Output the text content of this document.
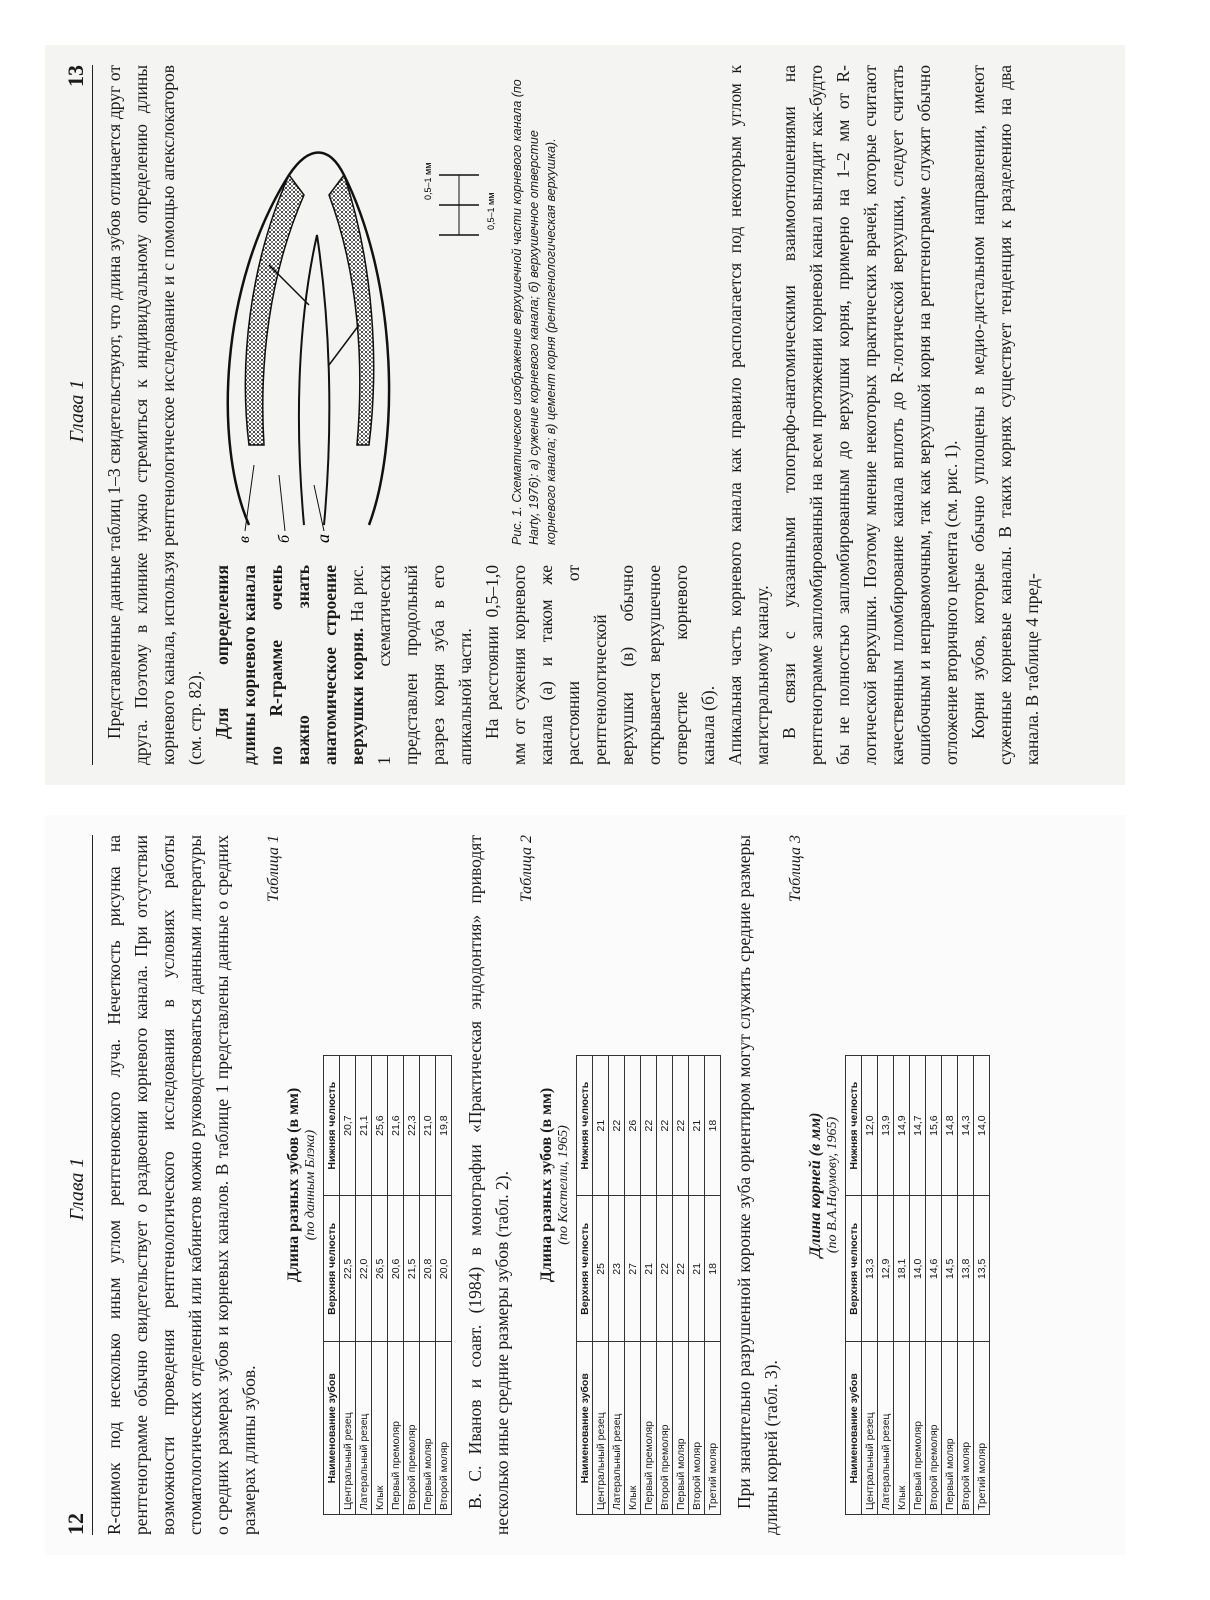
12
Глава 1 R-снимок под несколько иным углом рентгеновского луча. Нечеткость рисунка на рентгенограмме обычно свидетельствует о раздвоении корневого канала. При отсутствии возможности проведения рентгенологического исследования в условиях работы стоматологических отделений или кабинетов можно руководствоваться данными литературы о средних размерах зубов и корневых каналов. В таблице 1 представлены данные о средних размерах длины зубов.

Таблица 1
Длина разных зубов (в мм) (по данным Блэка)
Наименование зубов	Верхняя челюсть	Нижняя челюсть
Центральный резец	22,5	20,7
Латеральный резец	22,0	21,1
Клык	26,5	25,6
Первый премоляр	20,6	21,6
Второй премоляр	21,5	22,3
Первый моляр	20,8	21,0
Второй моляр	20,0	19,8 В. С. Иванов и соавт. (1984) в монографии «Практическая эндодонтия» приводят несколько иные средние размеры зубов (табл. 2).

Таблица 2
Длина разных зубов (в мм) (по Кастелли, 1965)
Наименование зубов	Верхняя челюсть	Нижняя челюсть
Центральный резец	25	21
Латеральный резец	23	22
Клык	27	26
Первый премоляр	21	22
Второй премоляр	22	22
Первый моляр	22	22
Второй моляр	21	21
Третий моляр	18	18 При значительно разрушенной коронке зуба ориентиром могут служить средние размеры длины корней (табл. 3).

Таблица 3
Длина корней (в мм) (по В.А.Наумову, 1965)
Наименование зубов	Верхняя челюсть	Нижняя челюсть
Центральный резец	13,3	12,0
Латеральный резец	12,9	13,9
Клык	18,1	14,9
Первый премоляр	14,0	14,7
Второй премоляр	14,6	15,6
Первый моляр	14,5	14,8
Второй моляр	13,8	14,3
Третий моляр	13,5	14,0
Глава 1
13 Представленные данные таблиц 1–3 свидетельствуют, что длина зубов отличается друг от друга. Поэтому в клинике нужно стремиться к индивидуальному определению длины корневого канала, используя рентгенологическое исследование и с помощью апекслокаторов (см. стр. 82). Для определения длины корневого канала по R-грамме очень важно знать анатомическое строение верхушки корня. На рис. 1 схематически представлен продольный разрез корня зуба в его апикальной части. На расстоянии 0,5–1,0 мм от сужения корневого канала (а) и таком же расстоянии от рентгенологической верхушки (в) обычно открывается верхушечное отверстие корневого канала (б).

0,5–1 мм
0,5–1 мм
а
б
в	Рис. 1. Схематическое изображение верхушечной части корневого канала (по Harty, 1976): а) сужение корневого канала; б) верхушечное отверстие корневого канала; в) цемент корня (рентгенологическая верхушка).	Апикальная часть корневого канала как правило располагается под некоторым углом к магистральному каналу. В связи с указанными топографо-анатомическими взаимоотношениями на рентгенограмме запломбированный на всем протяжении корневой канал выглядит как-будто бы не полностью запломбированным до верхушки корня, примерно на 1–2 мм от R-логической верхушки. Поэтому мнение некоторых практических врачей, которые считают качественным пломбирование канала вплоть до R-логической верхушки, следует считать ошибочным и неправомочным, так как верхушкой корня на рентгенограмме служит обычно отложение вторичного цемента (см. рис. 1). Корни зубов, которые обычно уплощены в медио-дистальном направлении, имеют суженные корневые каналы. В таких корнях существует тенденция к разделению на два канала. В таблице 4 пред-
